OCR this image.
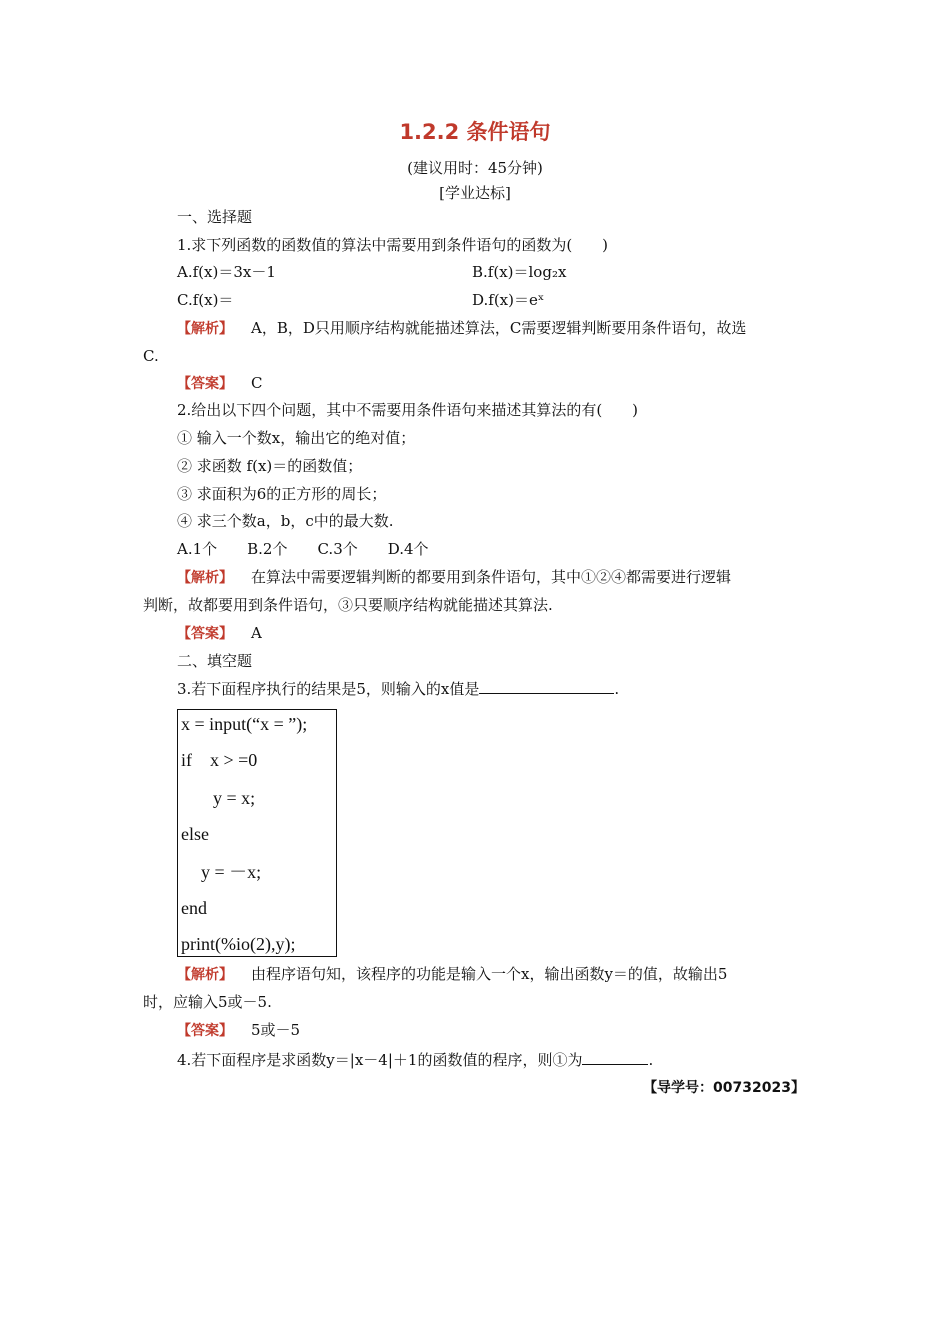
1.2.2 条件语句
(建议用时：45分钟)
[学业达标]
一、选择题
1.求下列函数的函数值的算法中需要用到条件语句的函数为(　　)
A.f(x)＝3x－1	B.f(x)＝log₂x
C.f(x)＝	D.f(x)＝eˣ
【解析】 A，B，D只用顺序结构就能描述算法，C需要逻辑判断要用条件语句，故选
C.
【答案】 C
2.给出以下四个问题，其中不需要用条件语句来描述其算法的有(　　)
① 输入一个数x，输出它的绝对值；
② 求函数 f(x)＝的函数值；
③ 求面积为6的正方形的周长；
④ 求三个数a，b，c中的最大数.
A.1个　　B.2个　　C.3个　　D.4个
【解析】 在算法中需要逻辑判断的都要用到条件语句，其中①②④都需要进行逻辑
判断，故都要用到条件语句，③只要顺序结构就能描述其算法.
【答案】 A
二、填空题
3.若下面程序执行的结果是5，则输入的x值是	.
x = input(“x = ”);
if　x > =0
y = x;
else
y = －x;
end
print(%io(2),y);
【解析】 由程序语句知，该程序的功能是输入一个x，输出函数y＝的值，故输出5
时，应输入5或－5.
【答案】 5或－5
4.若下面程序是求函数y＝|x－4|＋1的函数值的程序，则①为	.
【导学号：00732023】
